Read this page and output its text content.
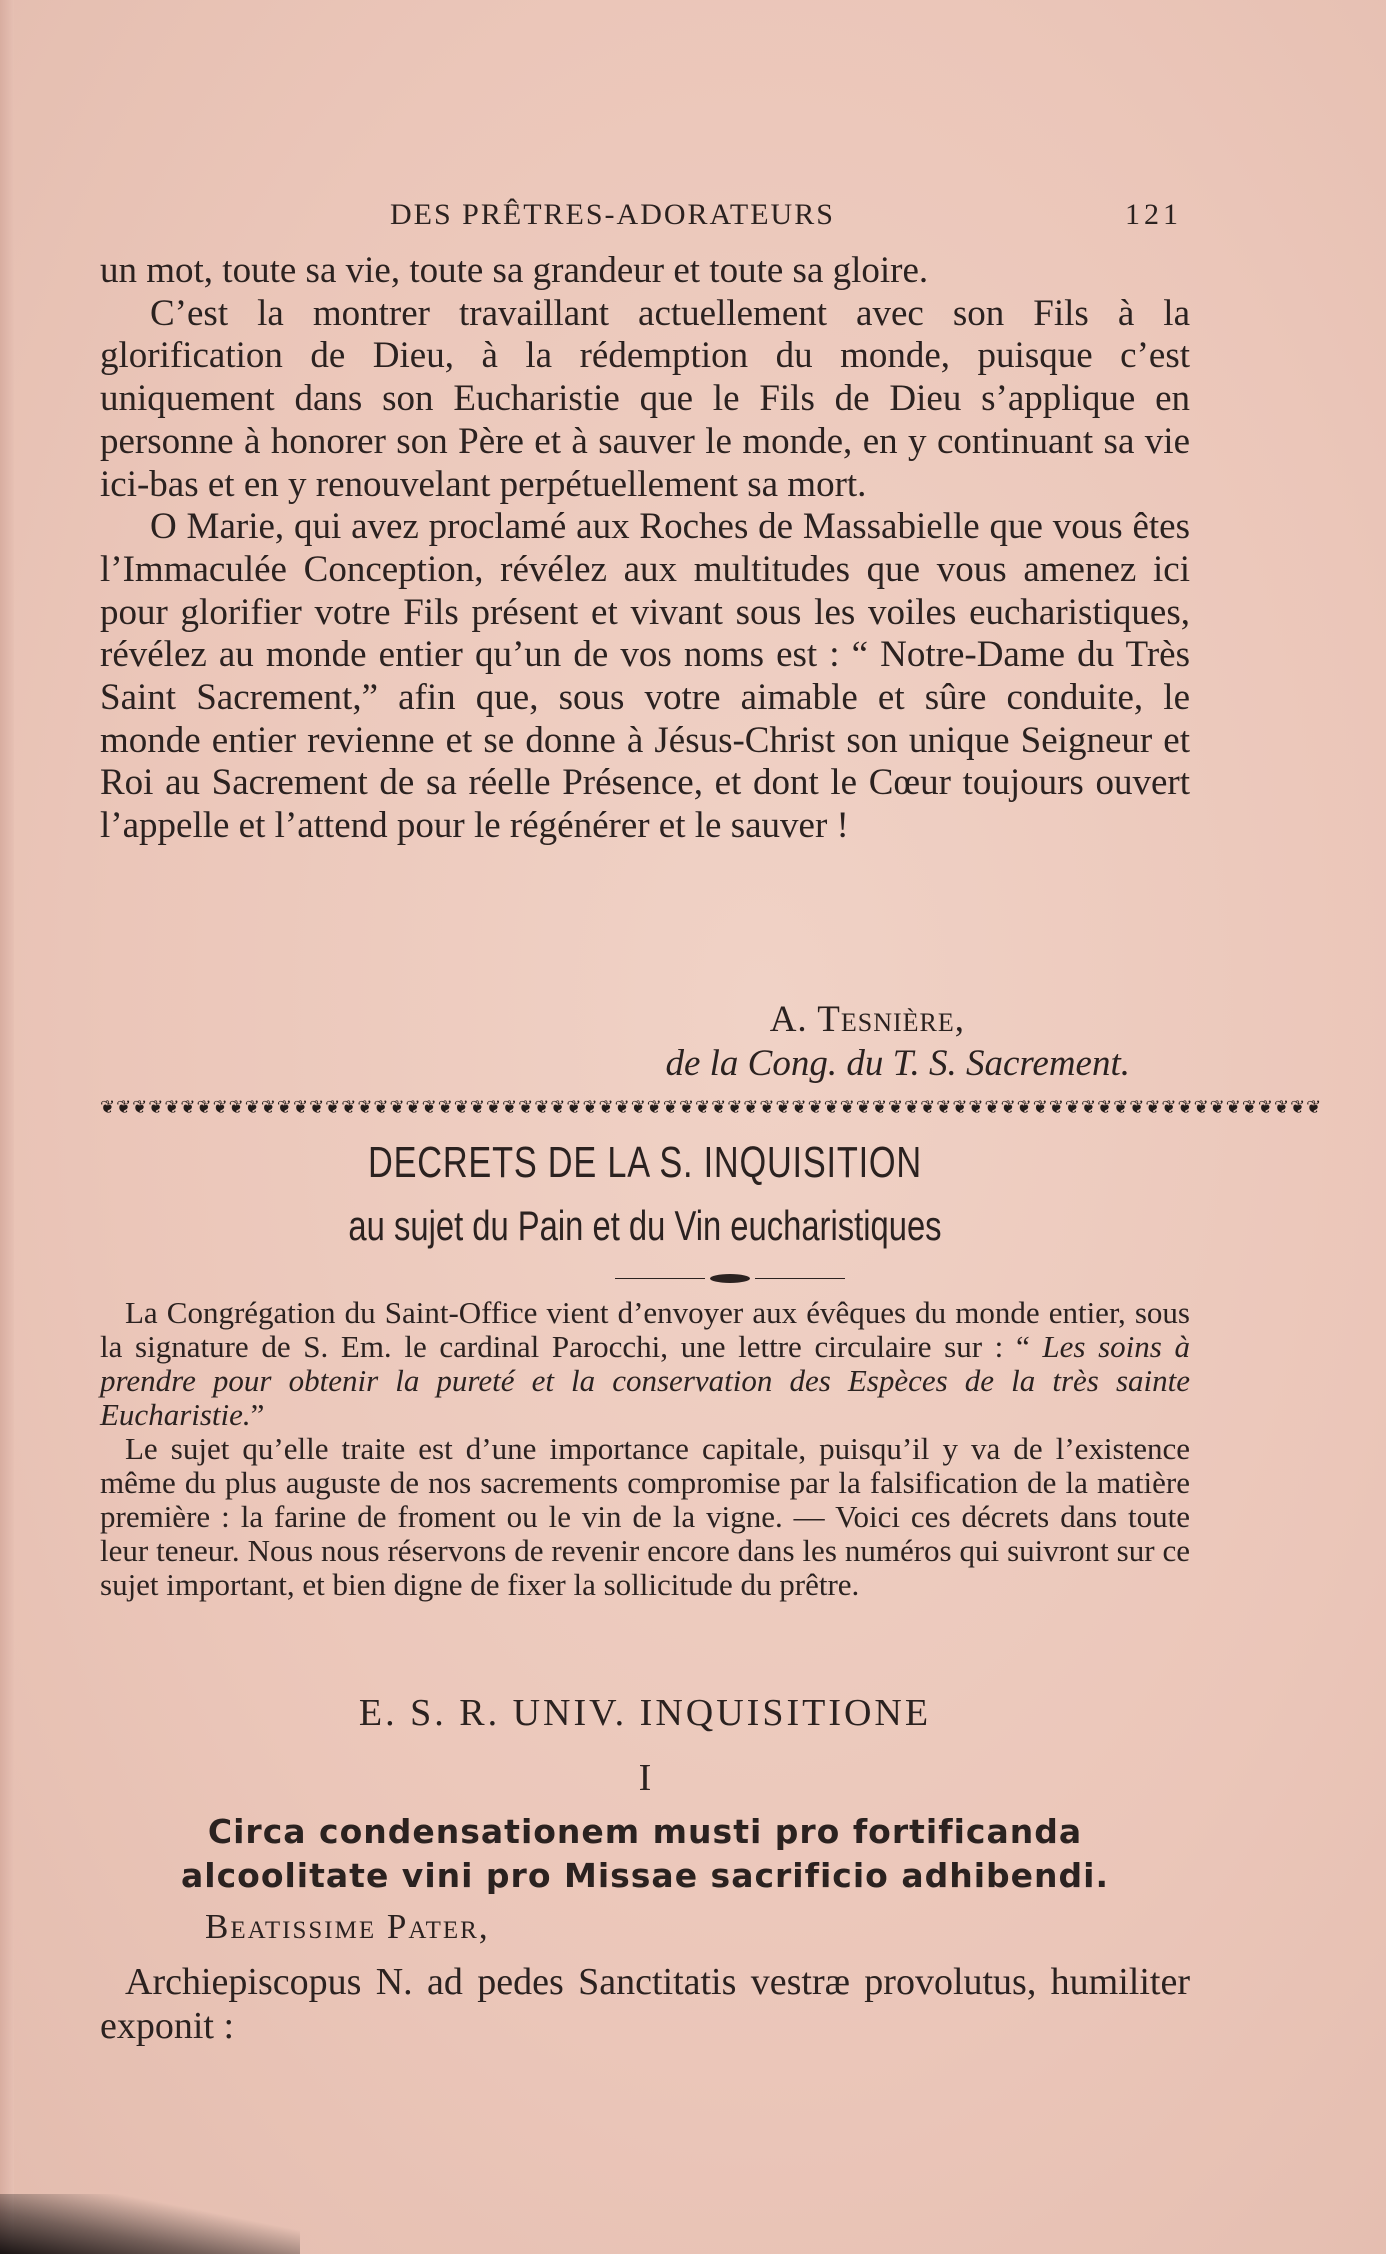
DES PRÊTRES-ADORATEURS	121

un mot, toute sa vie, toute sa grandeur et toute sa gloire.

C’est la montrer travaillant actuellement avec son Fils à la glorification de Dieu, à la rédemption du monde, puisque c’est uniquement dans son Eucharistie que le Fils de Dieu s’applique en personne à honorer son Père et à sauver le monde, en y continuant sa vie ici-bas et en y renouvelant perpétuellement sa mort.

O Marie, qui avez proclamé aux Roches de Massabielle que vous êtes l’Immaculée Conception, révélez aux multitudes que vous amenez ici pour glorifier votre Fils présent et vivant sous les voiles eucharistiques, révélez au monde entier qu’un de vos noms est : “ Notre-Dame du Très Saint Sacrement,” afin que, sous votre aimable et sûre conduite, le monde entier revienne et se donne à Jésus-Christ son unique Seigneur et Roi au Sacrement de sa réelle Présence, et dont le Cœur toujours ouvert l’appelle et l’attend pour le régénérer et le sauver !

A. Tesnière,
de la Cong. du T. S. Sacrement.
❦❦❦❦❦❦❦❦❦❦❦❦❦❦❦❦❦❦❦❦❦❦❦❦❦❦❦❦❦❦❦❦❦❦❦❦❦❦❦❦❦❦❦❦❦❦❦❦❦❦❦❦❦❦❦❦❦❦❦❦❦❦❦❦❦❦❦❦❦❦❦❦❦❦❦❦
DECRETS DE LA S. INQUISITION
au sujet du Pain et du Vin eucharistiques

La Congrégation du Saint-Office vient d’envoyer aux évêques du monde entier, sous la signature de S. Em. le cardinal Parocchi, une lettre circulaire sur : “ Les soins à prendre pour obtenir la pureté et la conservation des Espèces de la très sainte Eucharistie.”

Le sujet qu’elle traite est d’une importance capitale, puisqu’il y va de l’existence même du plus auguste de nos sacrements compromise par la falsification de la matière première : la farine de froment ou le vin de la vigne. — Voici ces décrets dans toute leur teneur. Nous nous réservons de revenir encore dans les numéros qui suivront sur ce sujet important, et bien digne de fixer la sollicitude du prêtre.

E. S. R. UNIV. INQUISITIONE
I
Circa condensationem musti pro fortificanda
alcoolitate vini pro Missae sacrificio adhibendi.
Beatissime Pater,

Archiepiscopus N. ad pedes Sanctitatis vestræ provolutus, humiliter exponit :
